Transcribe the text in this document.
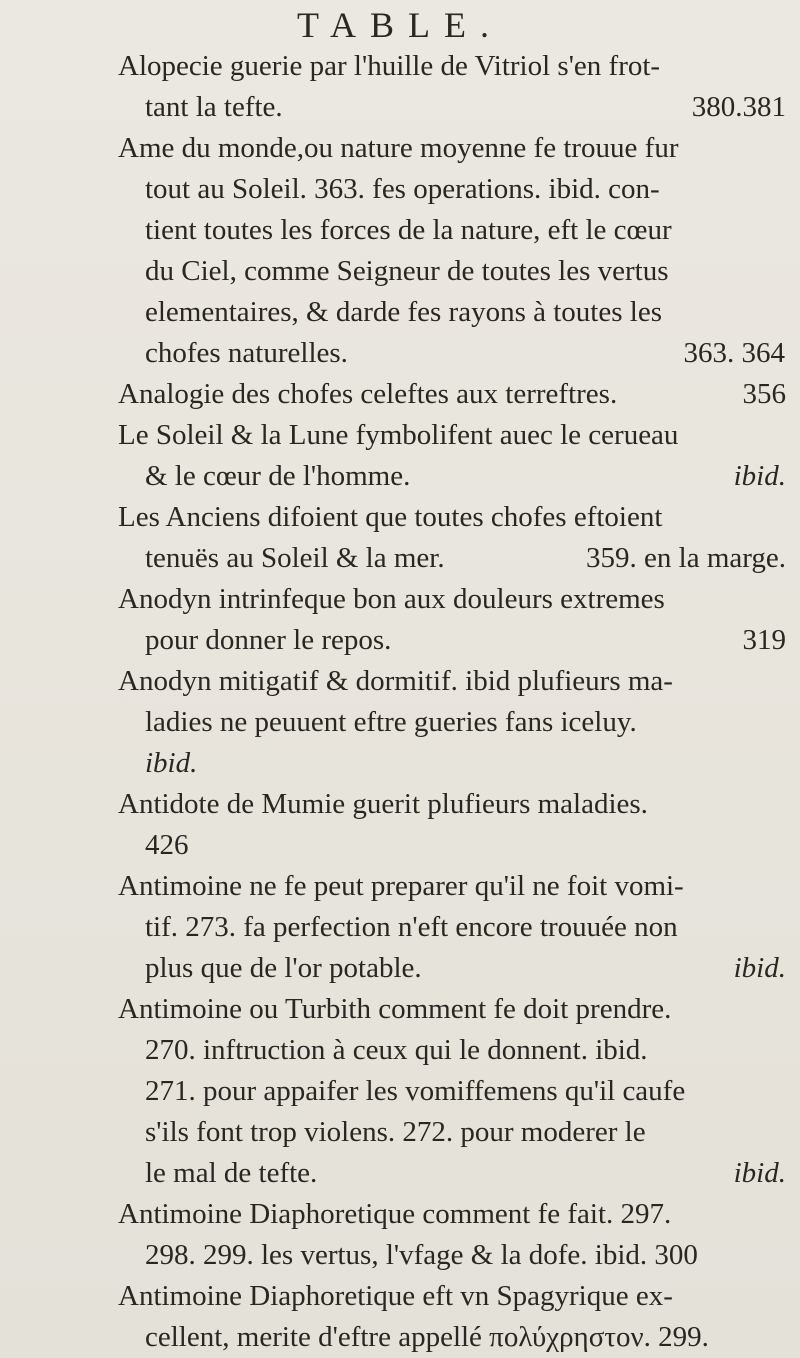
TABLE.
Alopecie guerie par l'huille de Vitriol s'en frot-
tant la tefte.	380.381
Ame du monde,ou nature moyenne fe trouue fur
tout au Soleil. 363. fes operations. ibid. con-
tient toutes les forces de la nature, eft le cœur
du Ciel, comme Seigneur de toutes les vertus
elementaires, & darde fes rayons à toutes les
chofes naturelles.	363. 364
Analogie des chofes celeftes aux terreftres.	356
Le Soleil & la Lune fymbolifent auec le cerueau
& le cœur de l'homme.	ibid.
Les Anciens difoient que toutes chofes eftoient
tenuës au Soleil & la mer.	359. en la marge.
Anodyn intrinfeque bon aux douleurs extremes
pour donner le repos.	319
Anodyn mitigatif & dormitif. ibid plufieurs ma-
ladies ne peuuent eftre gueries fans iceluy.
ibid.
Antidote de Mumie guerit plufieurs maladies.
426
Antimoine ne fe peut preparer qu'il ne foit vomi-
tif. 273. fa perfection n'eft encore trouuée non
plus que de l'or potable.	ibid.
Antimoine ou Turbith comment fe doit prendre.
270. inftruction à ceux qui le donnent. ibid.
271. pour appaifer les vomiffemens qu'il caufe
s'ils font trop violens. 272. pour moderer le
le mal de tefte.	ibid.
Antimoine Diaphoretique comment fe fait. 297.
298. 299. les vertus, l'vfage & la dofe. ibid. 300
Antimoine Diaphoretique eft vn Spagyrique ex-
cellent, merite d'eftre appellé πολύχρηστον. 299.
